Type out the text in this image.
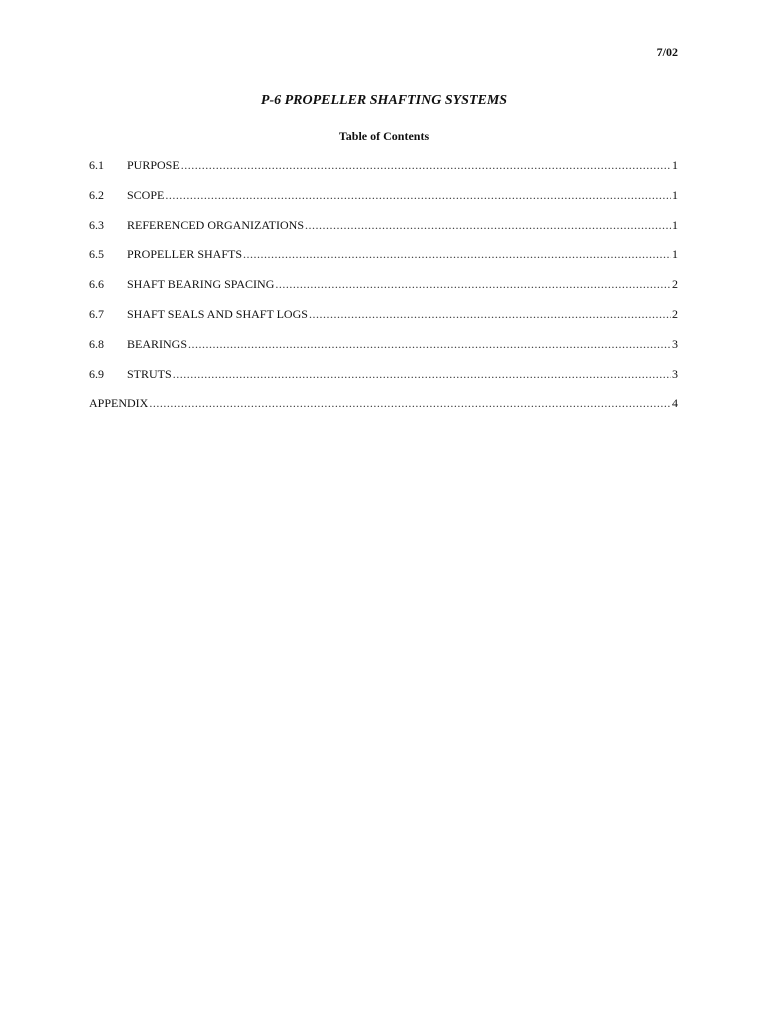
7/02
P-6 PROPELLER SHAFTING SYSTEMS
Table of Contents
6.1	PURPOSE .....	1
6.2	SCOPE .....	1
6.3	REFERENCED ORGANIZATIONS .....	1
6.5	PROPELLER SHAFTS .....	1
6.6	SHAFT BEARING SPACING .....	2
6.7	SHAFT SEALS AND SHAFT LOGS .....	2
6.8	BEARINGS .....	3
6.9	STRUTS .....	3
APPENDIX .....	4
